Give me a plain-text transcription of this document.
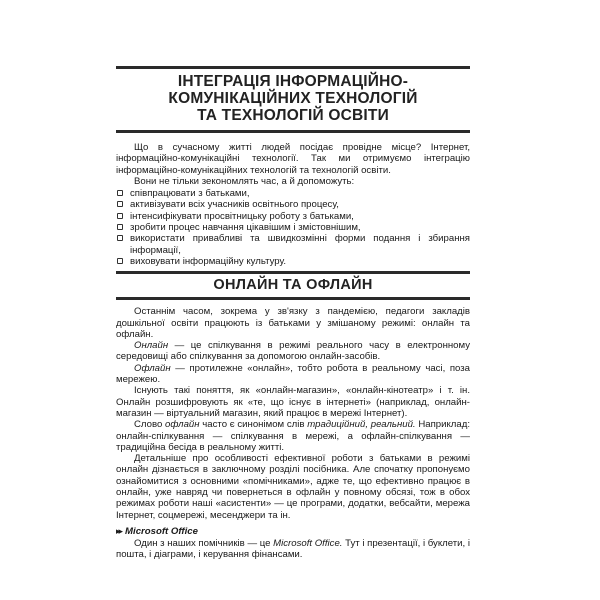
ІНТЕГРАЦІЯ ІНФОРМАЦІЙНО-
КОМУНІКАЦІЙНИХ ТЕХНОЛОГІЙ
ТА ТЕХНОЛОГІЙ ОСВІТИ

Що в сучасному житті людей посідає провідне місце? Інтернет, інформаційно-комунікаційні технології. Так ми отримуємо інтеграцію інформаційно-комунікаційних технологій та технологій освіти.

Вони не тільки зекономлять час, а й допоможуть:

співпрацювати з батьками,
активізувати всіх учасників освітнього процесу,
інтенсифікувати просвітницьку роботу з батьками,
зробити процес навчання цікавішим і змістовнішим,
використати привабливі та швидкозмінні форми подання і збирання інформації,
виховувати інформаційну культуру.
ОНЛАЙН ТА ОФЛАЙН

Останнім часом, зокрема у зв'язку з пандемією, педагоги закладів дошкільної освіти працюють із батьками у змішаному режимі: онлайн та офлайн.

Онлайн — це спілкування в режимі реального часу в електронному середовищі або спілкування за допомогою онлайн-засобів.

Офлайн — протилежне «онлайн», тобто робота в реальному часі, поза мережею.

Існують такі поняття, як «онлайн-магазин», «онлайн-кінотеатр» і т. ін. Онлайн розшифровують як «те, що існує в інтернеті» (наприклад, онлайн-магазин — віртуальний магазин, який працює в мережі Інтернет).

Слово офлайн часто є синонімом слів традиційний, реальний. Наприклад: онлайн-спілкування — спілкування в мережі, а офлайн-спілкування — традиційна бесіда в реальному житті.

Детальніше про особливості ефективної роботи з батьками в режимі онлайн дізнається в заключному розділі посібника. Але спочатку пропонуємо ознайомитися з основними «помічниками», адже те, що ефективно працює в онлайн, уже навряд чи повернеться в офлайн у повному обсязі, тож в обох режимах роботи наші «асистенти» — це програми, додатки, вебсайти, мережа Інтернет, соцмережі, месенджери та ін.

▸▸ Microsoft Office

Один з наших помічників — це Microsoft Office. Тут і презентації, і буклети, і пошта, і діаграми, і керування фінансами.
